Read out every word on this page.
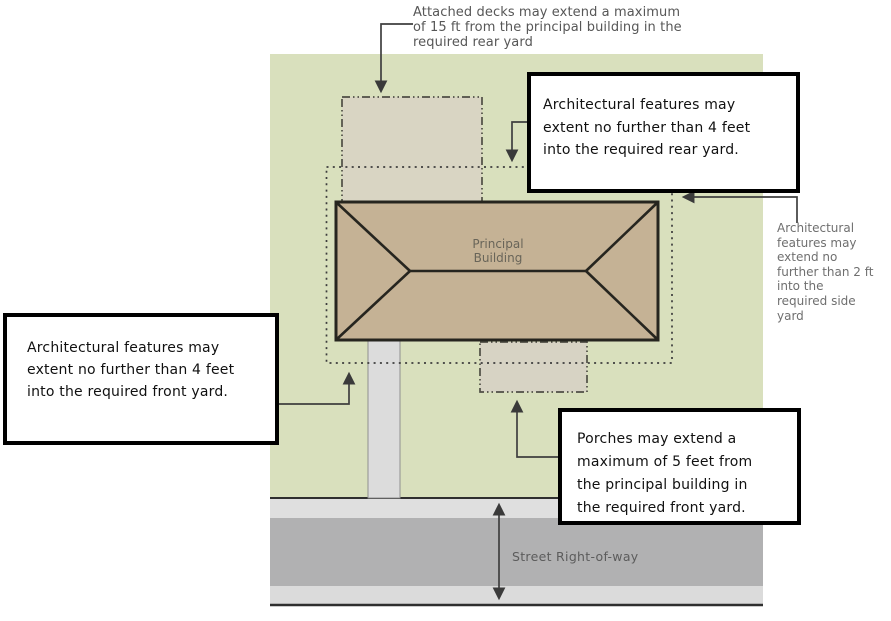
Attached decks may extend a maximum
of 15 ft from the principal building in the
required rear yard
Architectural features may
extent no further than 4 feet
into the required rear yard.
Architectural
features may
extend no
further than 2 ft
into the
required side
yard
Architectural features may
extent no further than 4 feet
into the required front yard.
Porches may extend a
maximum of 5 feet from
the principal building in
the required front yard.
Principal
Building
Street Right-of-way
